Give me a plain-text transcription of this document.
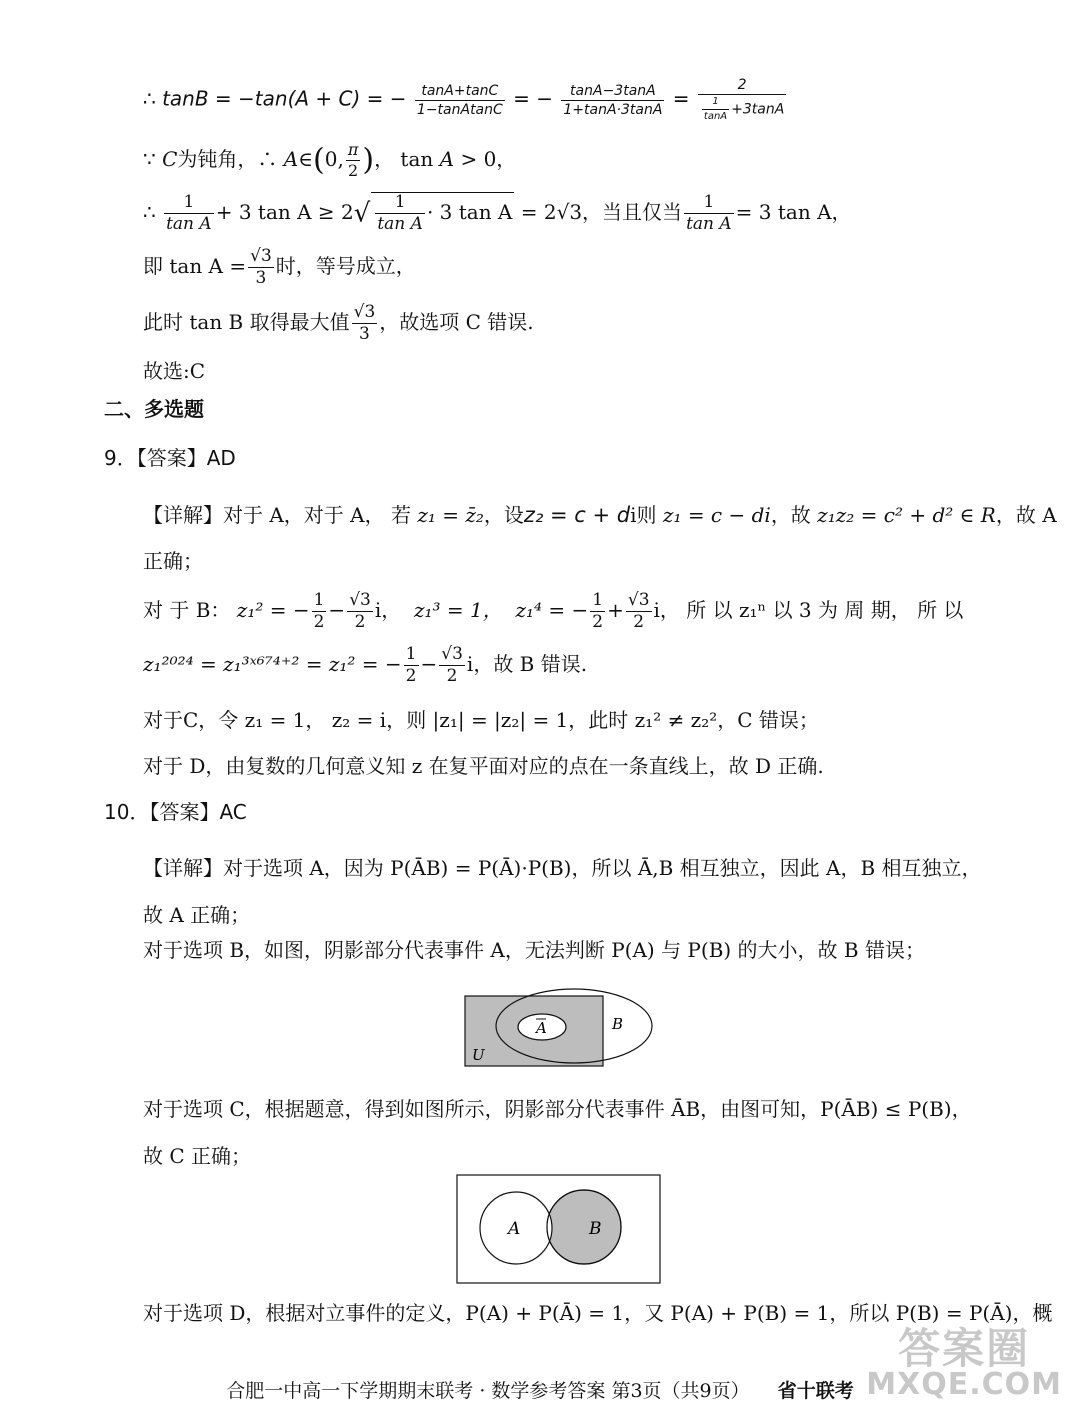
∴ tanB = −tan(A + C) = − $\frac{\tan A+\tan C}{\text{1−tanAtanC}}$ = − $\frac{\tan A-3\tan A}{1+\tan A\cdot 3\tan A} = \frac{2}{\frac{1}{\tan A} +3\tan A}$
∵ C为钝角，∴ A∈(0, $\frac{\pi}{2}$ )， tan A > 0，
∴ $\frac{1}{\text{tan A}} + 3$ $\tan A \ge 2√ \frac{1}{\text{tan A}} \cdot 3$ tan A = 2√3，当且仅当 $\frac{1}{\text{tan A}} = 3$ tan A，
即 $\tan A = \frac{√3}{3}$ 时，等号成立，
此时 tan B 取得最大值 $\frac{√3}{3}$ ，故选项 C 错误.
故选:C
二、多选题
9．【答案】AD
【详解】对于 A，对于 A， 若 z₁ = z̄₂，设z₂ = c + di则 z₁ = c − di，故 z₁z₂ = c² + d² ∈ R，故 A
正确；
对 于 B： z₁² = − $\frac{1}{2} - \frac{√3}{2}$ i， z₁³ = 1， z₁⁴ = − $\frac{1}{2} + \frac{√3}{2}$ i， 所 以 z₁ⁿ 以 3 为 周 期， 所 以
z₁²⁰²⁴ = z₁³ˣ⁶⁷⁴⁺² = z₁² = − $\frac{1}{2} - \frac{√3}{2}$ i，故 B 错误.
对于C，令 z₁ = 1， z₂ = i，则 |z₁| = |z₂| = 1，此时 z₁² ≠ z₂²，C 错误；
对于 D，由复数的几何意义知 z 在复平面对应的点在一条直线上，故 D 正确.
10．【答案】AC
【详解】对于选项 A，因为 P(ĀB) = P(Ā)·P(B)，所以 Ā,B 相互独立，因此 A，B 相互独立，
故 A 正确；
对于选项 B，如图，阴影部分代表事件 A，无法判断 P(A) 与 P(B) 的大小，故 B 错误；
A	B
U
对于选项 C，根据题意，得到如图所示，阴影部分代表事件 ĀB，由图可知，P(ĀB) ≤ P(B)，
故 C 正确；
A	B
对于选项 D，根据对立事件的定义，P(A) + P(Ā) = 1，又 P(A) + P(B) = 1，所以 P(B) = P(Ā)，概
合肥一中高一下学期期末联考 · 数学参考答案 第3页（共9页） 省十联考
答案圈
MXQE.COM
